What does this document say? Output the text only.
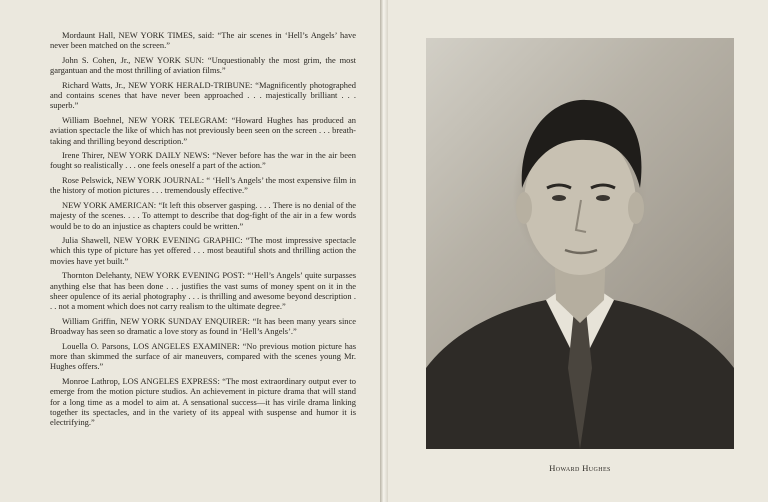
Mordaunt Hall, NEW YORK TIMES, said: “The air scenes in ‘Hell’s Angels’ have never been matched on the screen.”

John S. Cohen, Jr., NEW YORK SUN: “Unquestionably the most grim, the most gargantuan and the most thrilling of aviation films.”

Richard Watts, Jr., NEW YORK HERALD-TRIBUNE: “Magnificently photographed and contains scenes that have never been approached . . . majestically brilliant . . . superb.”

William Boehnel, NEW YORK TELEGRAM: “Howard Hughes has produced an aviation spectacle the like of which has not previously been seen on the screen . . . breath-taking and thrilling beyond description.”

Irene Thirer, NEW YORK DAILY NEWS: “Never before has the war in the air been fought so realistically . . . one feels oneself a part of the action.”

Rose Pelswick, NEW YORK JOURNAL: “ ‘Hell’s Angels’ the most expensive film in the history of motion pictures . . . tremendously effective.”

NEW YORK AMERICAN: “It left this observer gasping. . . . There is no denial of the majesty of the scenes. . . . To attempt to describe that dog-fight of the air in a few words would be to do an injustice as chapters could be written.”

Julia Shawell, NEW YORK EVENING GRAPHIC: “The most impressive spectacle which this type of picture has yet offered . . . most beautiful shots and thrilling action the movies have yet built.”

Thornton Delehanty, NEW YORK EVENING POST: “‘Hell’s Angels’ quite surpasses anything else that has been done . . . justifies the vast sums of money spent on it in the sheer opulence of its aerial photography . . . is thrilling and awesome beyond description . . . not a moment which does not carry realism to the ultimate degree.”

William Griffin, NEW YORK SUNDAY ENQUIRER: “It has been many years since Broadway has seen so dramatic a love story as found in ‘Hell’s Angels’.”

Louella O. Parsons, LOS ANGELES EXAMINER: “No previous motion picture has more than skimmed the surface of air maneuvers, compared with the scenes young Mr. Hughes offers.”

Monroe Lathrop, LOS ANGELES EXPRESS: “The most extraordinary output ever to emerge from the motion picture studios. An achievement in picture drama that will stand for a long time as a model to aim at. A sensational success—it has virile drama linking together its spectacles, and in the variety of its appeal with suspense and humor it is electrifying.”

Howard Hughes
